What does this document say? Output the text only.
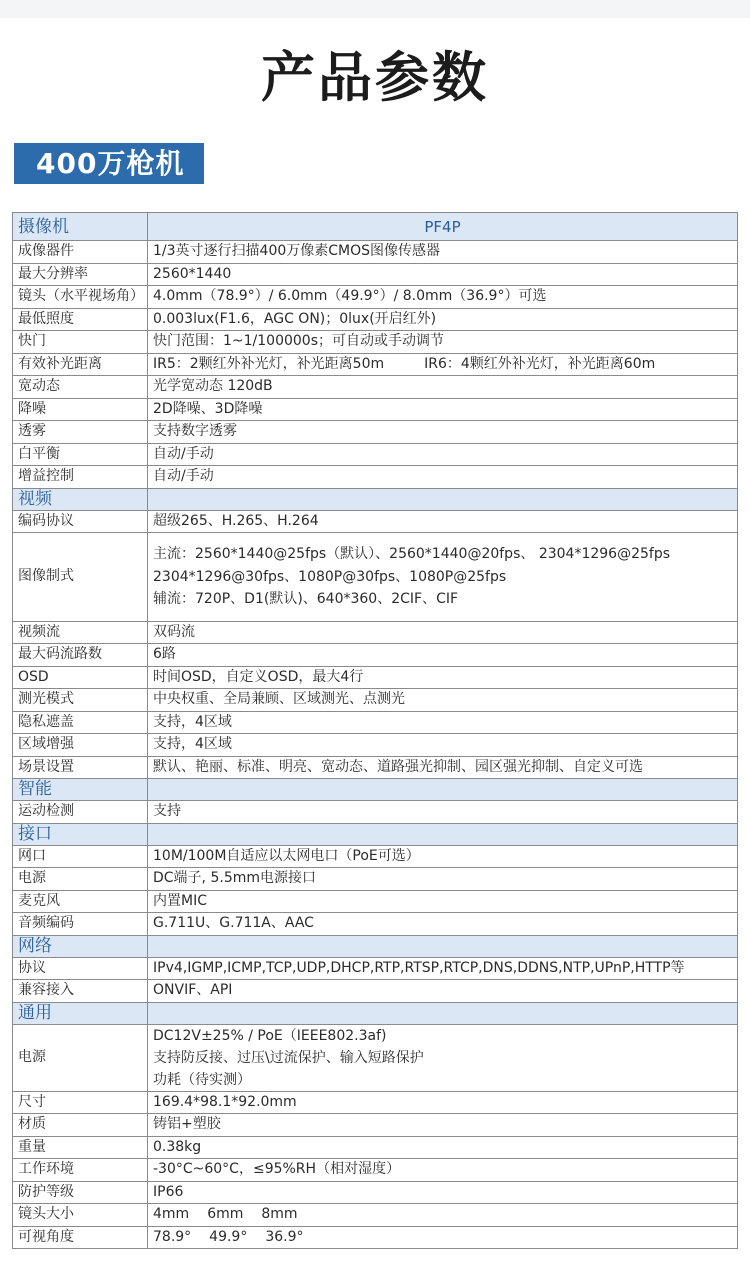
产品参数
400万枪机
摄像机	PF4P
成像器件	1/3英寸逐行扫描400万像素CMOS图像传感器
最大分辨率	2560*1440
镜头（水平视场角）	4.0mm（78.9°）/ 6.0mm（49.9°）/ 8.0mm（36.9°）可选
最低照度	0.003lux(F1.6，AGC ON)；0lux(开启红外)
快门	快门范围：1~1/100000s；可自动或手动调节
有效补光距离	IR5：2颗红外补光灯，补光距离50m IR6：4颗红外补光灯，补光距离60m
宽动态	光学宽动态 120dB
降噪	2D降噪、3D降噪
透雾	支持数字透雾
白平衡	自动/手动
增益控制	自动/手动
视频	
编码协议	超级265、H.265、H.264
图像制式	主流：2560*1440@25fps（默认）、2560*1440@20fps、 2304*1296@25fps
2304*1296@30fps、1080P@30fps、1080P@25fps
辅流：720P、D1(默认)、640*360、2CIF、CIF

视频流	双码流
最大码流路数	6路
OSD	时间OSD，自定义OSD，最大4行
测光模式	中央权重、全局兼顾、区域测光、点测光
隐私遮盖	支持，4区域
区域增强	支持，4区域
场景设置	默认、艳丽、标准、明亮、宽动态、道路强光抑制、园区强光抑制、自定义可选
智能	
运动检测	支持
接口	
网口	10M/100M自适应以太网电口（PoE可选）
电源	DC端子, 5.5mm电源接口
麦克风	内置MIC
音频编码	G.711U、G.711A、AAC
网络	
协议	IPv4,IGMP,ICMP,TCP,UDP,DHCP,RTP,RTSP,RTCP,DNS,DDNS,NTP,UPnP,HTTP等
兼容接入	ONVIF、API
通用	
电源	DC12V±25% / PoE（IEEE802.3af)
支持防反接、过压\过流保护、输入短路保护
功耗（待实测）

尺寸	169.4*98.1*92.0mm
材质	铸铝+塑胶
重量	0.38kg
工作环境	-30°C~60°C，≤95%RH（相对湿度）
防护等级	IP66
镜头大小	4mm 6mm 8mm
可视角度	78.9° 49.9° 36.9°
